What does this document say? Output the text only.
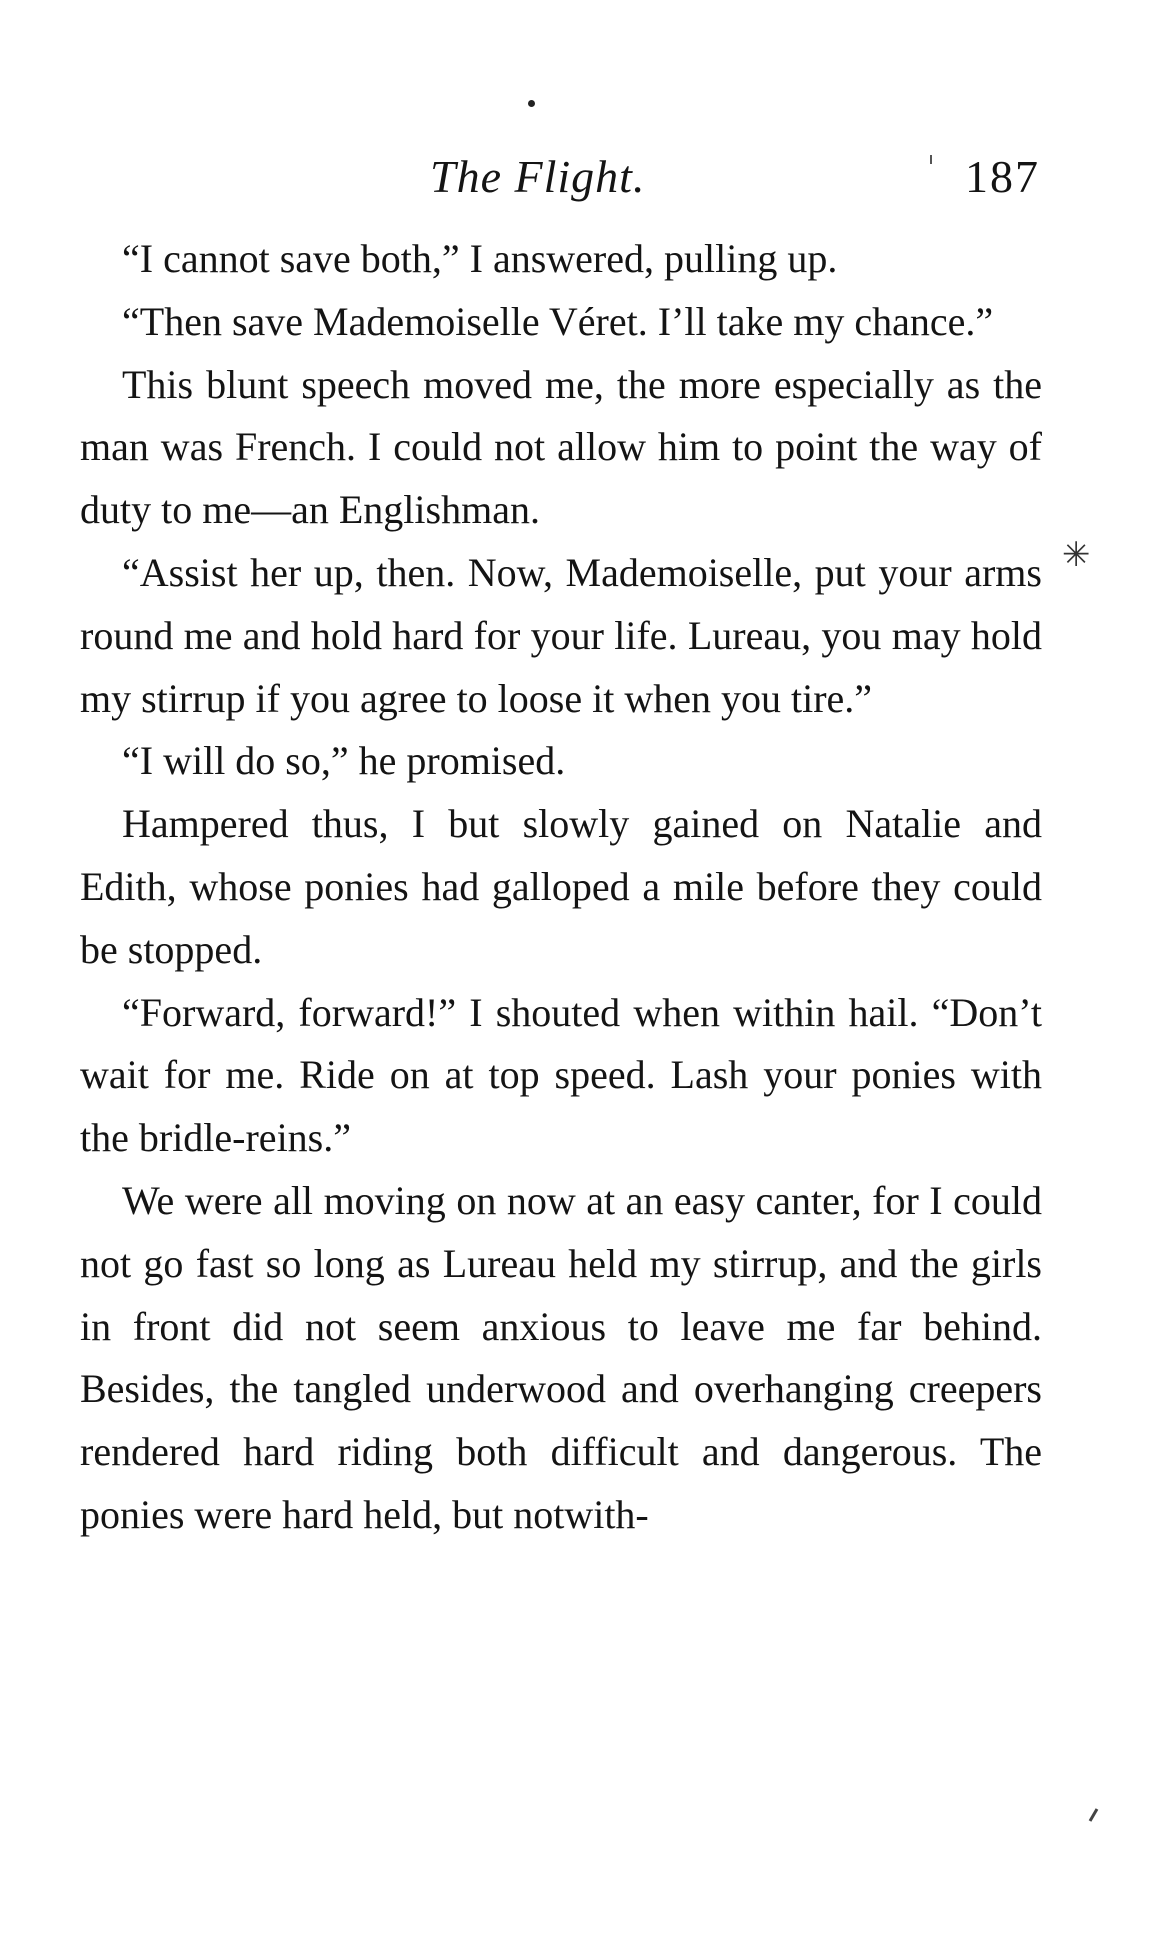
✳
The Flight.	187

“I cannot save both,” I answered, pulling up.

“Then save Mademoiselle Véret. I’ll take my chance.”

This blunt speech moved me, the more especially as the man was French. I could not allow him to point the way of duty to me—an Englishman.

“Assist her up, then. Now, Mademoiselle, put your arms round me and hold hard for your life. Lureau, you may hold my stirrup if you agree to loose it when you tire.”

“I will do so,” he promised.

Hampered thus, I but slowly gained on Natalie and Edith, whose ponies had galloped a mile before they could be stopped.

“Forward, forward!” I shouted when within hail. “Don’t wait for me. Ride on at top speed. Lash your ponies with the bridle-reins.”

We were all moving on now at an easy canter, for I could not go fast so long as Lureau held my stirrup, and the girls in front did not seem anxious to leave me far behind. Besides, the tangled underwood and overhanging creepers rendered hard riding both difficult and dangerous. The ponies were hard held, but notwith-
